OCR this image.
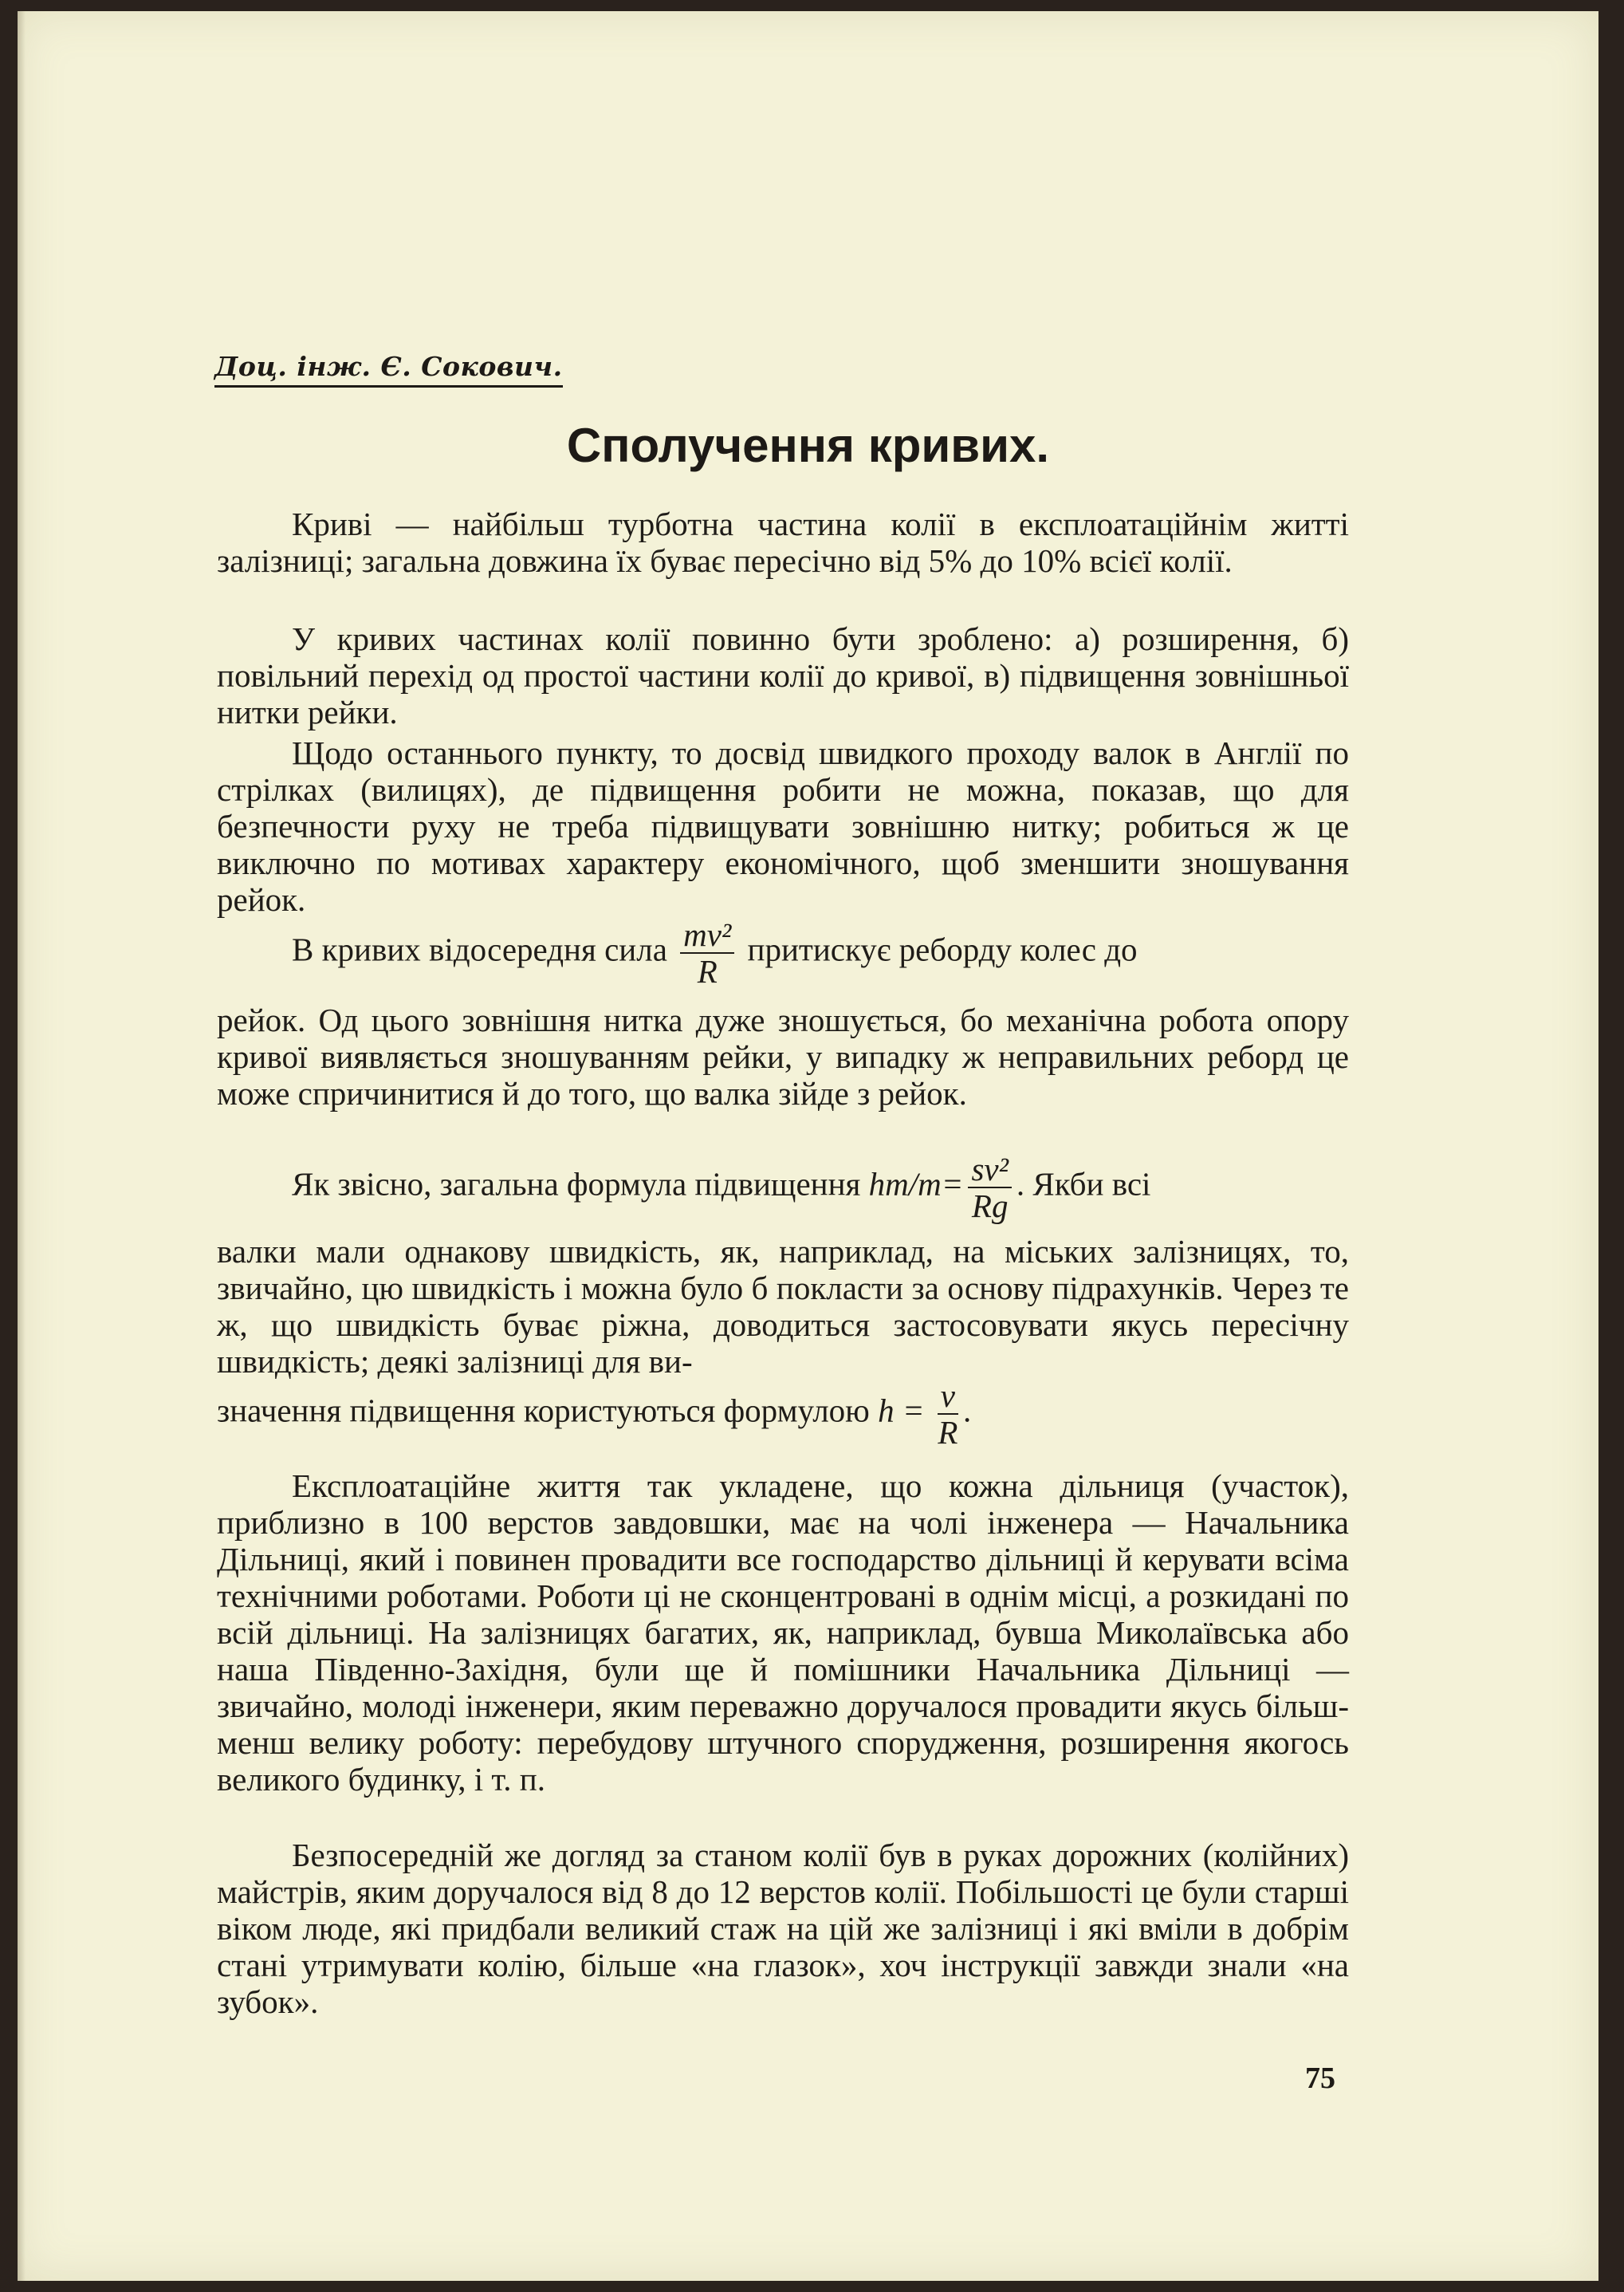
Доц. інж. Є. Сокович.
Сполучення кривих.

Криві — найбільш турботна частина колії в експлоатаційнім житті залізниці; загальна довжина їх буває пересічно від 5% до 10% всієї колії.

У кривих частинах колії повинно бути зроблено: а) розширення, б) повільний перехід од простої частини колії до кривої, в) підвищення зовнішньої нитки рейки.

Щодо останнього пункту, то досвід швидкого проходу валок в Англії по стрілках (вилицях), де підвищення робити не можна, показав, що для безпечности руху не треба підвищувати зовнішню нитку; робиться ж це виключно по мотивах характеру економічного, щоб зменшити зношування рейок.

В кривих відосередня сила $\frac{\text{mv²}}{R}$ притискує реборду колес до

рейок. Од цього зовнішня нитка дуже зношується, бо механічна робота опору кривої виявляється зношуванням рейки, у випадку ж неправильних реборд це може спричинитися й до того, що валка зійде з рейок.

Як звісно, загальна формула підвищення $hm/m= \frac{\text{sv²}}{Rg}$ . Якби всі

валки мали однакову швидкість, як, наприклад, на міських залізницях, то, звичайно, цю швидкість і можна було б покласти за основу підрахунків. Через те ж, що швидкість буває ріжна, доводиться застосовувати якусь пересічну швидкість; деякі залізниці для ви-

значення підвищення користуються формулою $h = \frac{v}{R}$ .

Експлоатаційне життя так укладене, що кожна дільниця (участок), приблизно в 100 верстов завдовшки, має на чолі інженера — Начальника Дільниці, який і повинен провадити все господарство дільниці й керувати всіма технічними роботами. Роботи ці не сконцентровані в однім місці, а розкидані по всій дільниці. На залізницях багатих, як, наприклад, бувша Миколаївська або наша Південно-Західня, були ще й помішники Начальника Дільниці — звичайно, молоді інженери, яким переважно доручалося провадити якусь більш-менш велику роботу: перебудову штучного спорудження, розширення якогось великого будинку, і т. п.

Безпосередній же догляд за станом колії був в руках дорожних (колійних) майстрів, яким доручалося від 8 до 12 верстов колії. Побільшості це були старші віком люде, які придбали великий стаж на цій же залізниці і які вміли в добрім стані утримувати колію, більше «на глазок», хоч інструкції завжди знали «на зубок».

75
